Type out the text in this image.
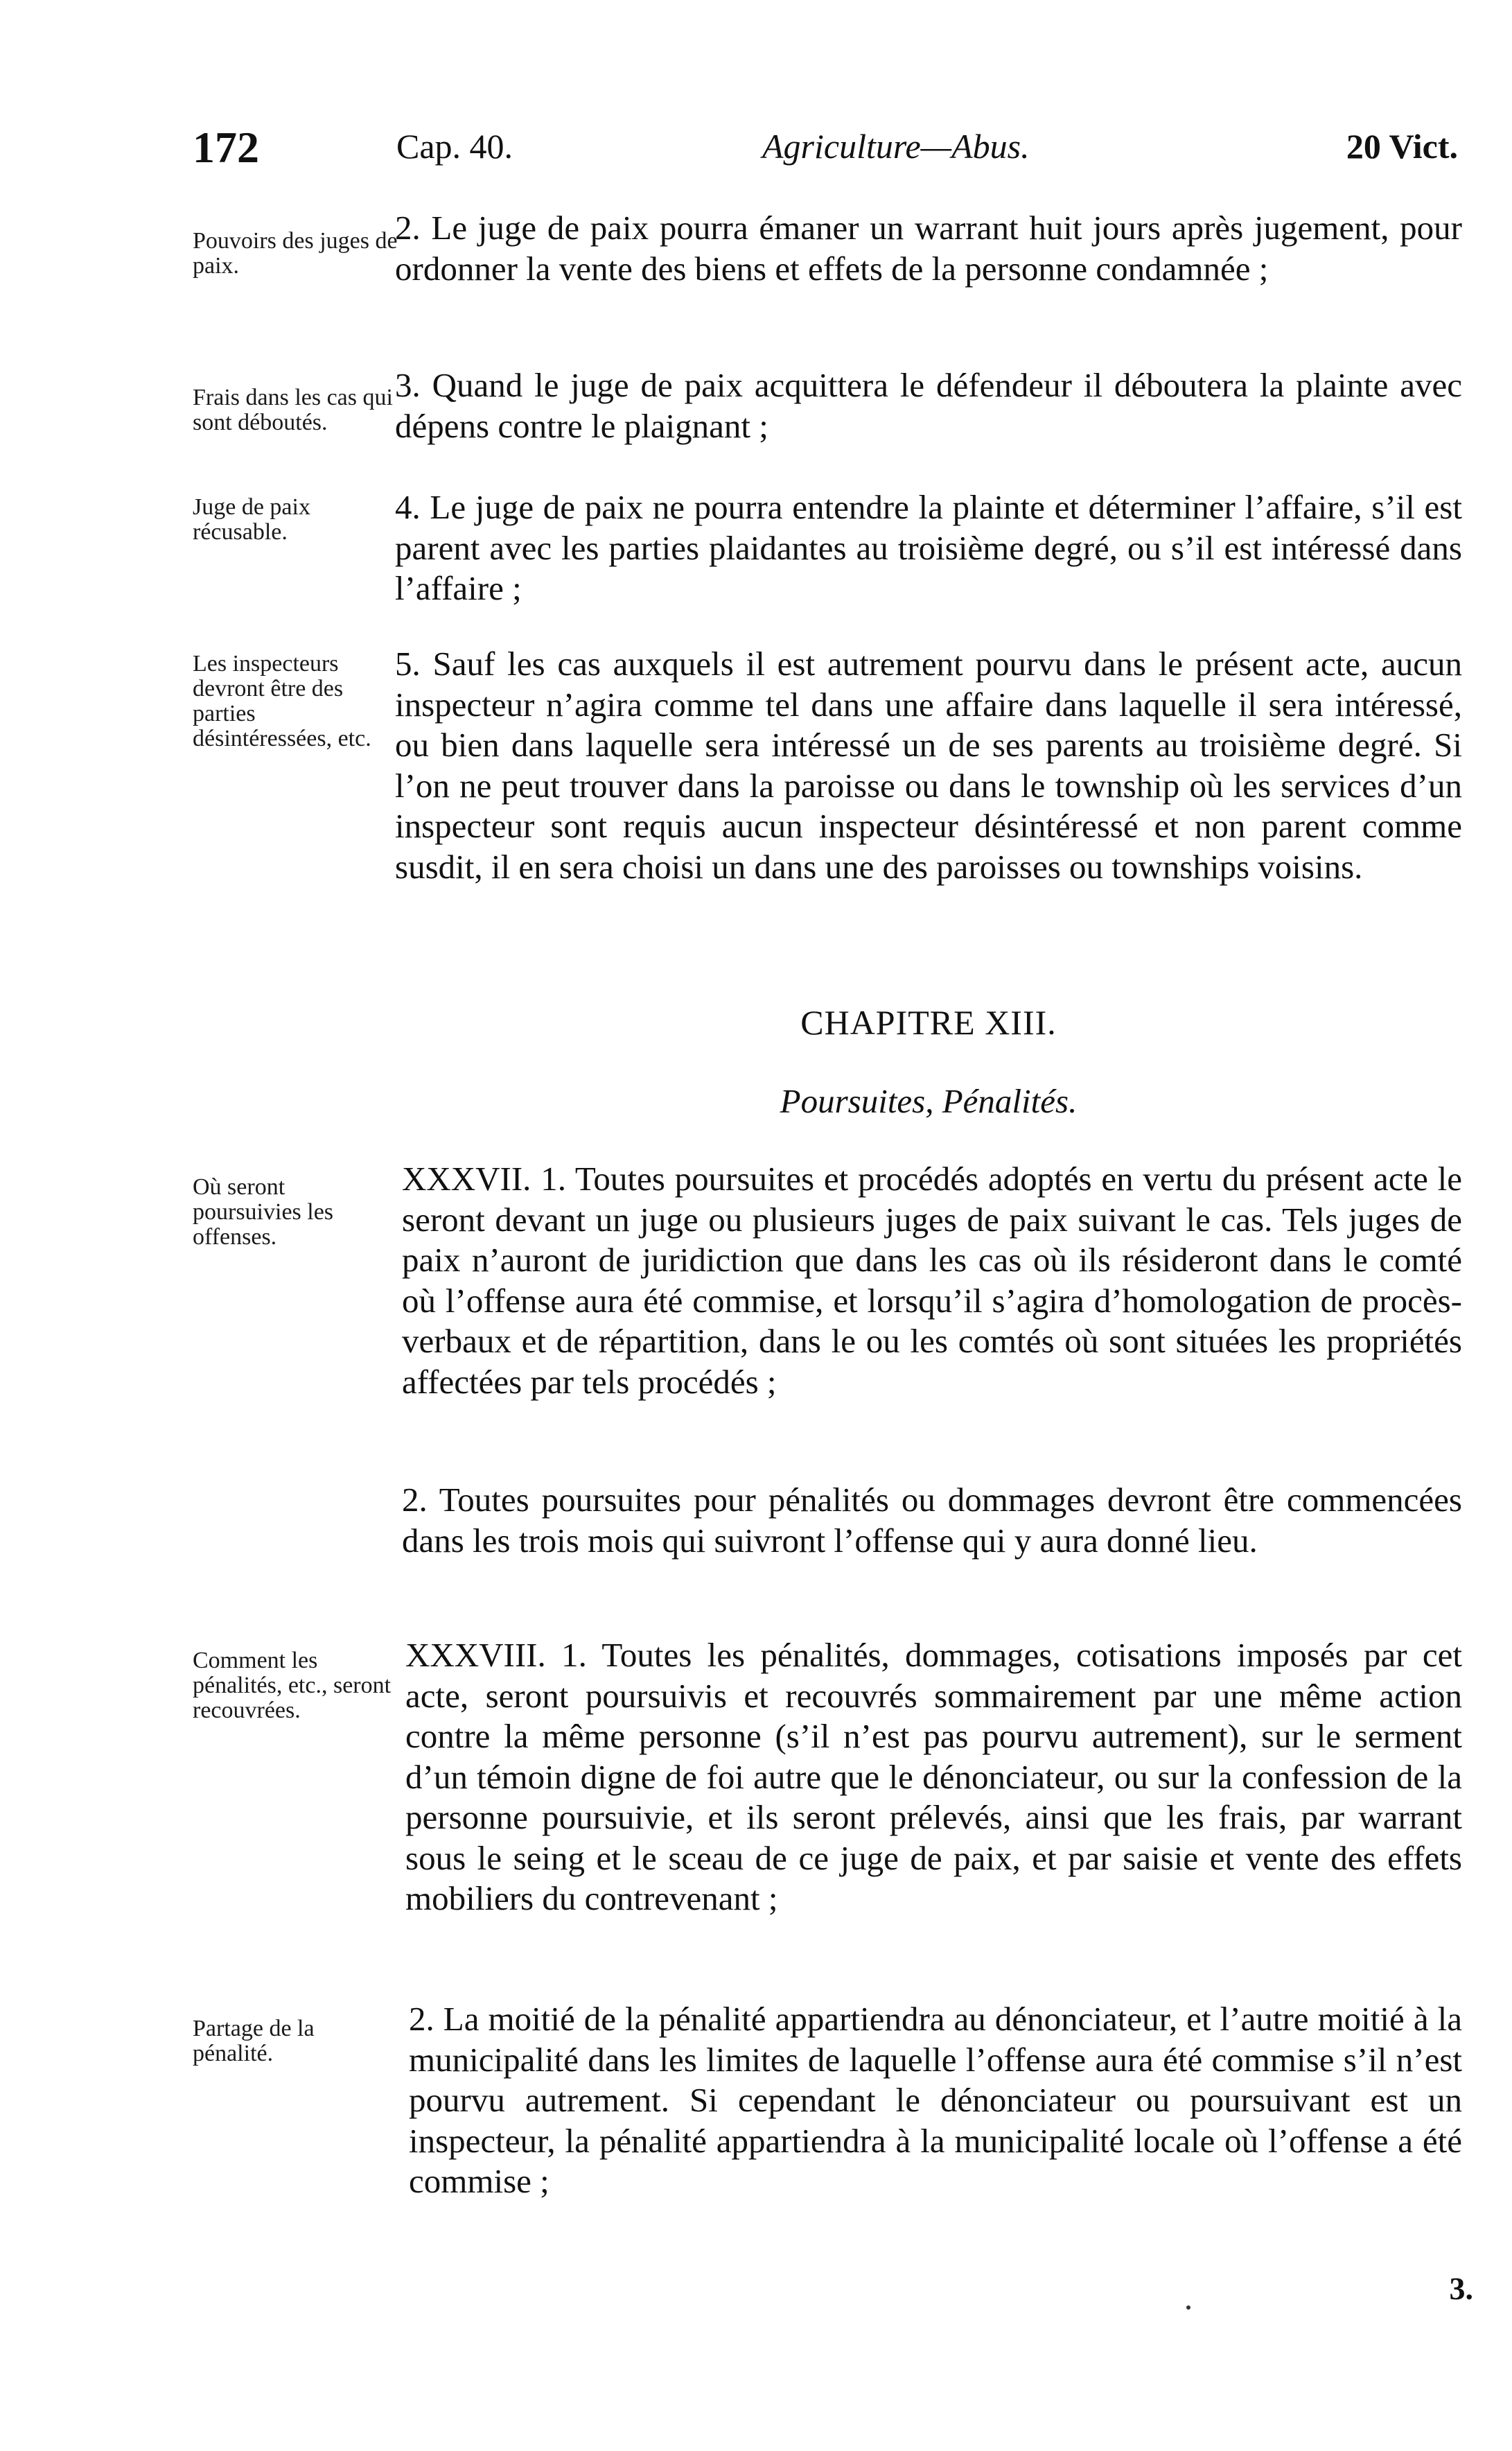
172	Cap. 40.	Agriculture—Abus.	20 Vict.
Pouvoirs des juges de paix.
2. Le juge de paix pourra émaner un warrant huit jours après jugement, pour ordonner la vente des biens et effets de la personne condamnée ;
Frais dans les cas qui sont déboutés.
3. Quand le juge de paix acquittera le défendeur il déboutera la plainte avec dépens contre le plaignant ;
Juge de paix récusable.
4. Le juge de paix ne pourra entendre la plainte et déterminer l’affaire, s’il est parent avec les parties plaidantes au troisième degré, ou s’il est intéressé dans l’affaire ;
Les inspecteurs devront être des parties désintéressées, etc.
5. Sauf les cas auxquels il est autrement pourvu dans le présent acte, aucun inspecteur n’agira comme tel dans une affaire dans laquelle il sera intéressé, ou bien dans laquelle sera intéressé un de ses parents au troisième degré. Si l’on ne peut trouver dans la paroisse ou dans le township où les services d’un inspecteur sont requis aucun inspecteur désintéressé et non parent comme susdit, il en sera choisi un dans une des paroisses ou townships voisins.
CHAPITRE XIII.
Poursuites, Pénalités.
Où seront poursuivies les offenses.
XXXVII. 1. Toutes poursuites et procédés adoptés en vertu du présent acte le seront devant un juge ou plusieurs juges de paix suivant le cas. Tels juges de paix n’auront de juridiction que dans les cas où ils résideront dans le comté où l’offense aura été commise, et lorsqu’il s’agira d’homologation de procès-verbaux et de répartition, dans le ou les comtés où sont situées les propriétés affectées par tels procédés ;
2. Toutes poursuites pour pénalités ou dommages devront être commencées dans les trois mois qui suivront l’offense qui y aura donné lieu.
Comment les pénalités, etc., seront recouvrées.
XXXVIII. 1. Toutes les pénalités, dommages, cotisations imposés par cet acte, seront poursuivis et recouvrés sommairement par une même action contre la même personne (s’il n’est pas pourvu autrement), sur le serment d’un témoin digne de foi autre que le dénonciateur, ou sur la confession de la personne poursuivie, et ils seront prélevés, ainsi que les frais, par warrant sous le seing et le sceau de ce juge de paix, et par saisie et vente des effets mobiliers du contrevenant ;
Partage de la pénalité.
2. La moitié de la pénalité appartiendra au dénonciateur, et l’autre moitié à la municipalité dans les limites de laquelle l’offense aura été commise s’il n’est pourvu autrement. Si cependant le dénonciateur ou poursuivant est un inspecteur, la pénalité appartiendra à la municipalité locale où l’offense a été commise ;
3.
